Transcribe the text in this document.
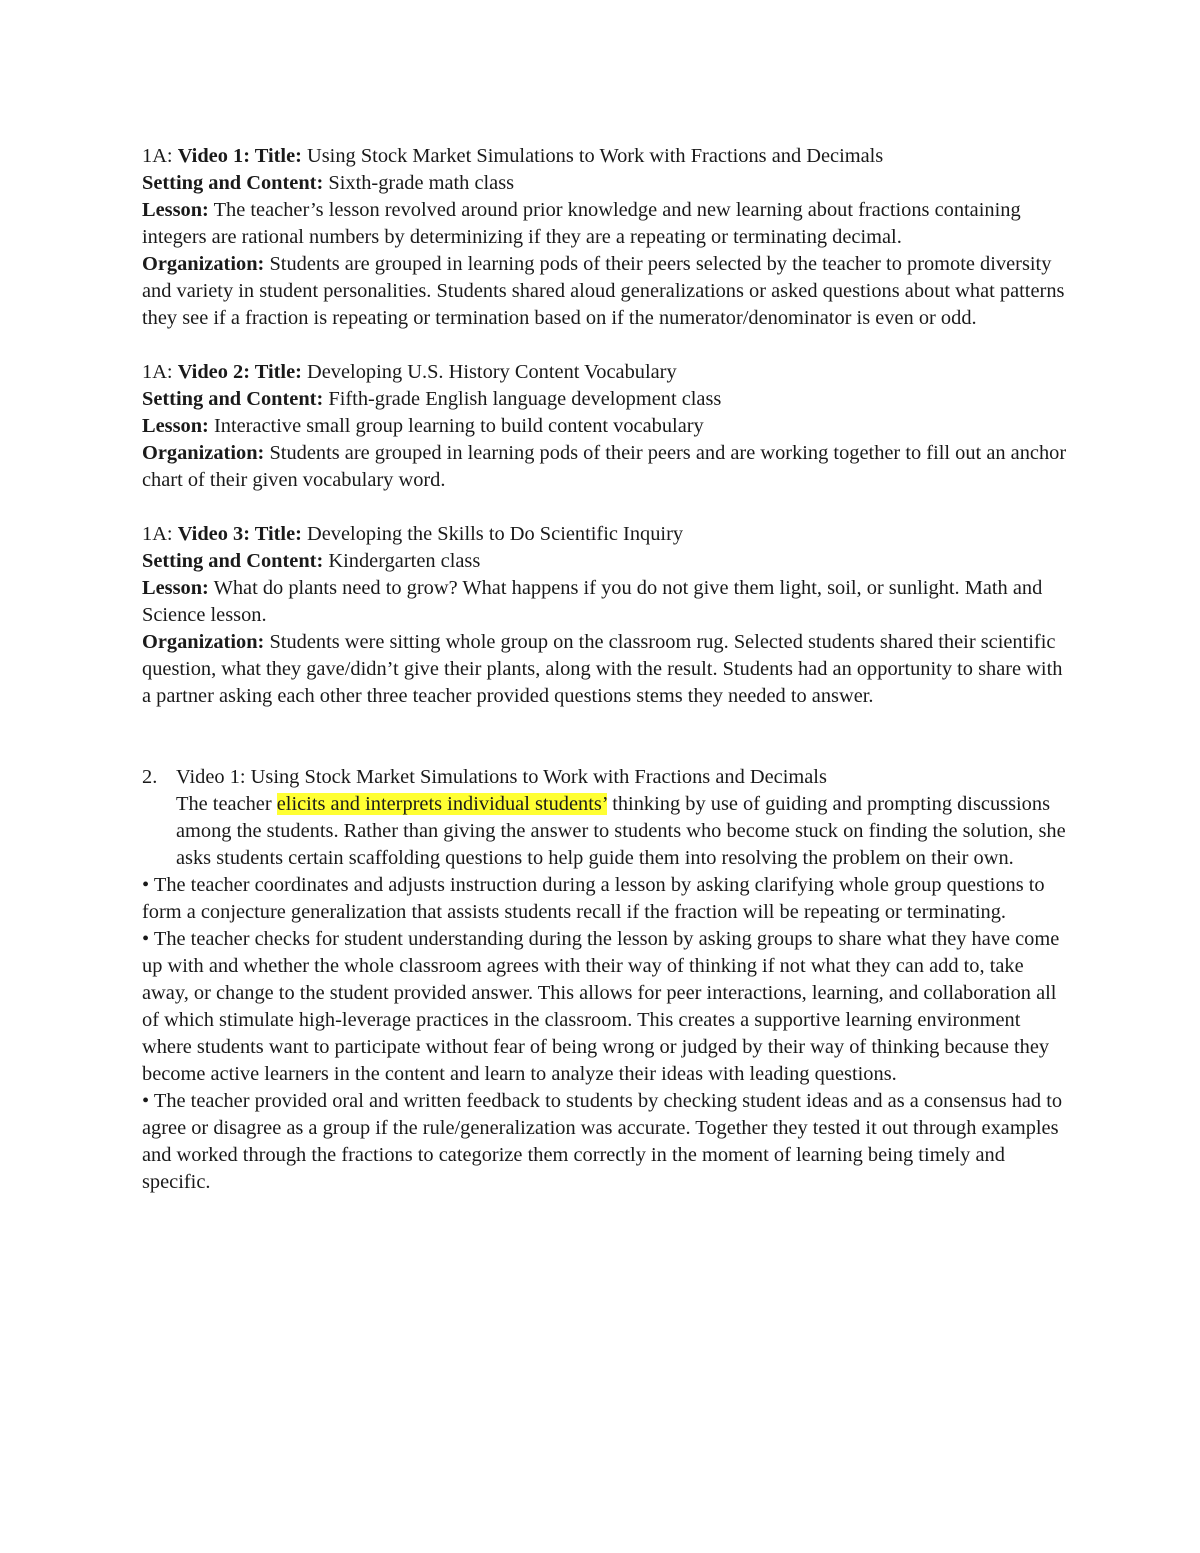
1A: Video 1: Title: Using Stock Market Simulations to Work with Fractions and Decimals

Setting and Content: Sixth-grade math class

Lesson: The teacher’s lesson revolved around prior knowledge and new learning about fractions containing integers are rational numbers by determinizing if they are a repeating or terminating decimal.

Organization: Students are grouped in learning pods of their peers selected by the teacher to promote diversity and variety in student personalities. Students shared aloud generalizations or asked questions about what patterns they see if a fraction is repeating or termination based on if the numerator/denominator is even or odd.

1A: Video 2: Title: Developing U.S. History Content Vocabulary

Setting and Content: Fifth-grade English language development class

Lesson: Interactive small group learning to build content vocabulary

Organization: Students are grouped in learning pods of their peers and are working together to fill out an anchor chart of their given vocabulary word.

1A: Video 3: Title: Developing the Skills to Do Scientific Inquiry

Setting and Content: Kindergarten class

Lesson: What do plants need to grow? What happens if you do not give them light, soil, or sunlight. Math and Science lesson.

Organization: Students were sitting whole group on the classroom rug. Selected students shared their scientific question, what they gave/didn’t give their plants, along with the result. Students had an opportunity to share with a partner asking each other three teacher provided questions stems they needed to answer.

2. Video 1: Using Stock Market Simulations to Work with Fractions and Decimals

The teacher elicits and interprets individual students’ thinking by use of guiding and prompting discussions among the students. Rather than giving the answer to students who become stuck on finding the solution, she asks students certain scaffolding questions to help guide them into resolving the problem on their own.

• The teacher coordinates and adjusts instruction during a lesson by asking clarifying whole group questions to form a conjecture generalization that assists students recall if the fraction will be repeating or terminating.

• The teacher checks for student understanding during the lesson by asking groups to share what they have come up with and whether the whole classroom agrees with their way of thinking if not what they can add to, take away, or change to the student provided answer. This allows for peer interactions, learning, and collaboration all of which stimulate high-leverage practices in the classroom. This creates a supportive learning environment where students want to participate without fear of being wrong or judged by their way of thinking because they become active learners in the content and learn to analyze their ideas with leading questions.

• The teacher provided oral and written feedback to students by checking student ideas and as a consensus had to agree or disagree as a group if the rule/generalization was accurate. Together they tested it out through examples and worked through the fractions to categorize them correctly in the moment of learning being timely and specific.
